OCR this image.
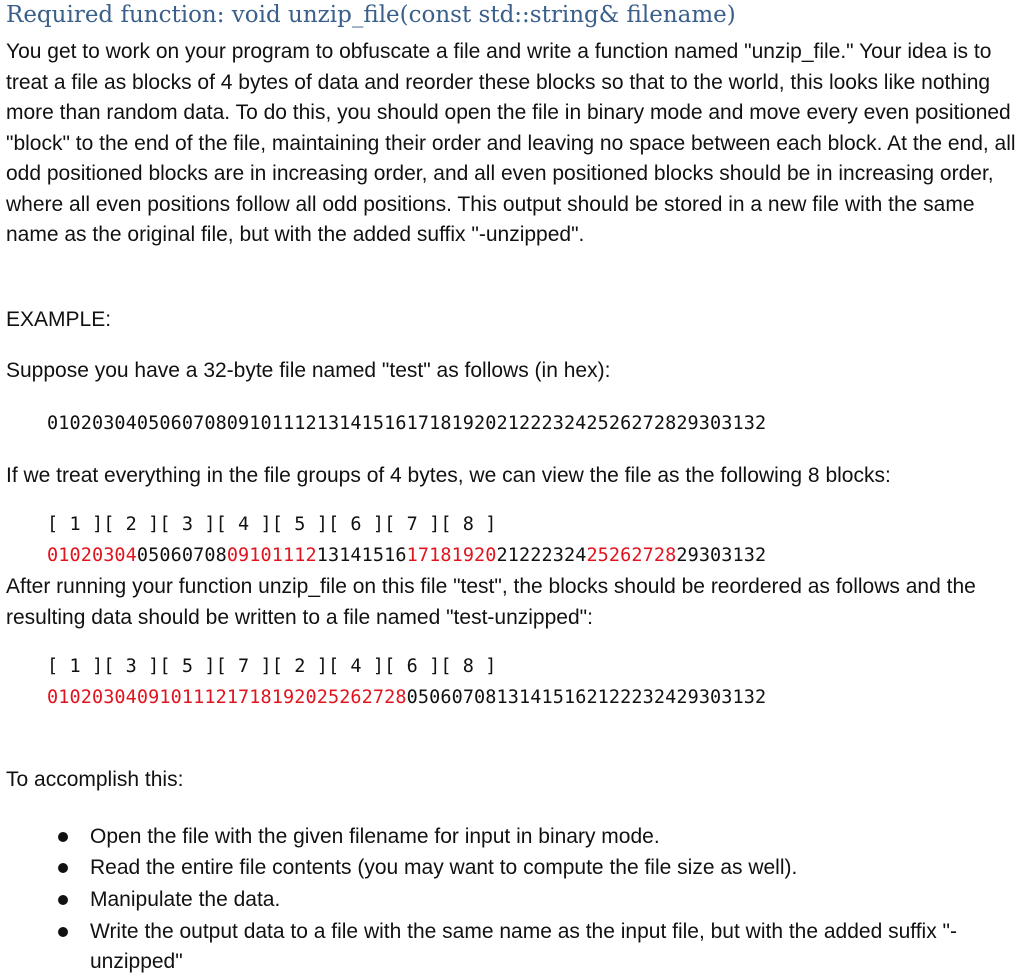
Required function: void unzip_file(const std::string& filename)
You get to work on your program to obfuscate a file and write a function named "unzip_file." Your idea is to treat a file as blocks of 4 bytes of data and reorder these blocks so that to the world, this looks like nothing more than random data. To do this, you should open the file in binary mode and move every even positioned "block" to the end of the file, maintaining their order and leaving no space between each block. At the end, all odd positioned blocks are in increasing order, and all even positioned blocks should be in increasing order, where all even positions follow all odd positions. This output should be stored in a new file with the same name as the original file, but with the added suffix "-unzipped".
EXAMPLE:
Suppose you have a 32-byte file named "test" as follows (in hex):
0102030405060708091011121314151617181920212223242526272829303132
If we treat everything in the file groups of 4 bytes, we can view the file as the following 8 blocks:
[ 1 ][ 2 ][ 3 ][ 4 ][ 5 ][ 6 ][ 7 ][ 8 ]
0102030405060708091011121314151617181920212223242526272829303132
After running your function unzip_file on this file "test", the blocks should be reordered as follows and the resulting data should be written to a file named "test-unzipped":
[ 1 ][ 3 ][ 5 ][ 7 ][ 2 ][ 4 ][ 6 ][ 8 ]
0102030409101112171819202526272805060708131415162122232429303132
To accomplish this:
Open the file with the given filename for input in binary mode.
Read the entire file contents (you may want to compute the file size as well).
Manipulate the data.
Write the output data to a file with the same name as the input file, but with the added suffix "-unzipped"
